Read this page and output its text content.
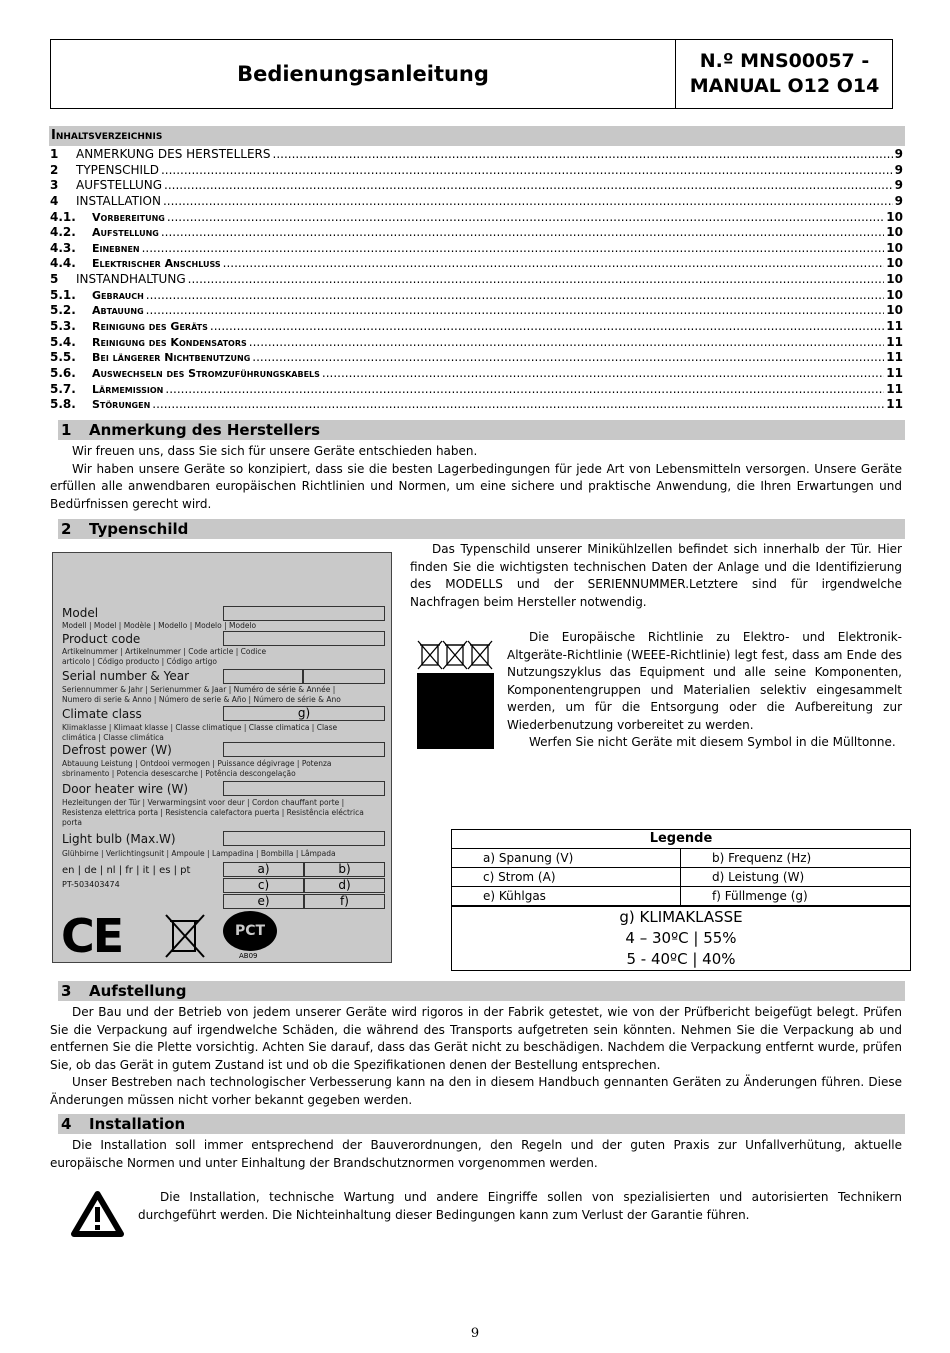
Bedienungsanleitung
N.º MNS00057 -
MANUAL O12 O14
Inhaltsverzeichnis
1	ANMERKUNG DES HERSTELLERS .....	9
2	TYPENSCHILD .....	9
3	AUFSTELLUNG .....	9
4	INSTALLATION .....	9
4.1.	Vorbereitung .....	10
4.2.	Aufstellung .....	10
4.3.	Einebnen .....	10
4.4.	Elektrischer Anschluss .....	10
5	INSTANDHALTUNG .....	10
5.1.	Gebrauch .....	10
5.2.	Abtauung .....	10
5.3.	Reinigung des Geräts .....	11
5.4.	Reinigung des Kondensators .....	11
5.5.	Bei längerer Nichtbenutzung .....	11
5.6.	Auswechseln des Stromzuführungskabels .....	11
5.7.	Lärmemission .....	11
5.8.	Störungen .....	11
1 Anmerkung des Herstellers

Wir freuen uns, dass Sie sich für unsere Geräte entschieden haben.

Wir haben unsere Geräte so konzipiert, dass sie die besten Lagerbedingungen für jede Art von Lebensmitteln versorgen. Unsere Geräte erfüllen alle anwendbaren europäischen Richtlinien und Normen, um eine sichere und praktische Anwendung, die Ihren Erwartungen und Bedürfnissen gerecht wird.

2 Typenschild

Das Typenschild unserer Minikühlzellen befindet sich innerhalb der Tür. Hier finden Sie die wichtigsten technischen Daten der Anlage und die Identifizierung des MODELLS und der SERIENNUMMER.Letztere sind für irgendwelche Nachfragen beim Hersteller notwendig.

Die Europäische Richtlinie zu Elektro- und Elektronik-Altgeräte-Richtlinie (WEEE-Richtlinie) legt fest, dass am Ende des Nutzungszyklus das Equipment und alle seine Komponenten, Komponentengruppen und Materialien selektiv eingesammelt werden, um für die Entsorgung oder die Aufbereitung zur Wiederbenutzung vorbereitet zu werden.

Werfen Sie nicht Geräte mit diesem Symbol in die Mülltonne.

Model
Modell | Model | Modèle | Modello | Modelo | Modelo
Product code
Artikelnummer | Artikelnummer | Code article | Codice articolo | Código producto | Código artigo
Serial number & Year
Seriennummer & Jahr | Serienummer & Jaar | Numéro de série & Année | Numero di serie & Anno | Número de serie & Año | Número de série & Ano
Climate class	g)
Klimaklasse | Klimaat klasse | Classe climatique | Classe climatica | Clase climática | Classe climática
Defrost power (W)
Abtauung Leistung | Ontdooi vermogen | Puissance dégivrage | Potenza sbrinamento | Potencia desescarche | Potência descongelação
Door heater wire (W)
Hezleitungen der Tür | Verwarmingsint voor deur | Cordon chauffant porte | Resistenza elettrica porta | Resistencia calefactora puerta | Resistência eléctrica porta
Light bulb (Max.W)
Glühbirne | Verlichtingsunit | Ampoule | Lampadina | Bombilla | Lâmpada
en | de | nl | fr | it | es | pt
PT-503403474
a)	b)
c)	d)
e)	f)
CE	PCT
AB09
Legende
a) Spanung (V)	b) Frequenz (Hz)
c) Strom (A)	d) Leistung (W)
e) Kühlgas	f) Füllmenge (g)
g) KLIMAKLASSE
4 – 30ºC | 55%
5 - 40ºC | 40%
3 Aufstellung

Der Bau und der Betrieb von jedem unserer Geräte wird rigoros in der Fabrik getestet, wie von der Prüfbericht beigefügt belegt. Prüfen Sie die Verpackung auf irgendwelche Schäden, die während des Transports aufgetreten sein könnten. Nehmen Sie die Verpackung ab und entfernen Sie die Plette vorsichtig. Achten Sie darauf, dass das Gerät nicht zu beschädigen. Nachdem die Verpackung entfernt wurde, prüfen Sie, ob das Gerät in gutem Zustand ist und ob die Spezifikationen denen der Bestellung entsprechen.

Unser Bestreben nach technologischer Verbesserung kann na den in diesem Handbuch gennanten Geräten zu Änderungen führen. Diese Änderungen müssen nicht vorher bekannt gegeben werden.

4 Installation

Die Installation soll immer entsprechend der Bauverordnungen, den Regeln und der guten Praxis zur Unfallverhütung, aktuelle europäische Normen und unter Einhaltung der Brandschutznormen vorgenommen werden.

Die Installation, technische Wartung und andere Eingriffe sollen von spezialisierten und autorisierten Technikern durchgeführt werden. Die Nichteinhaltung dieser Bedingungen kann zum Verlust der Garantie führen.

9
